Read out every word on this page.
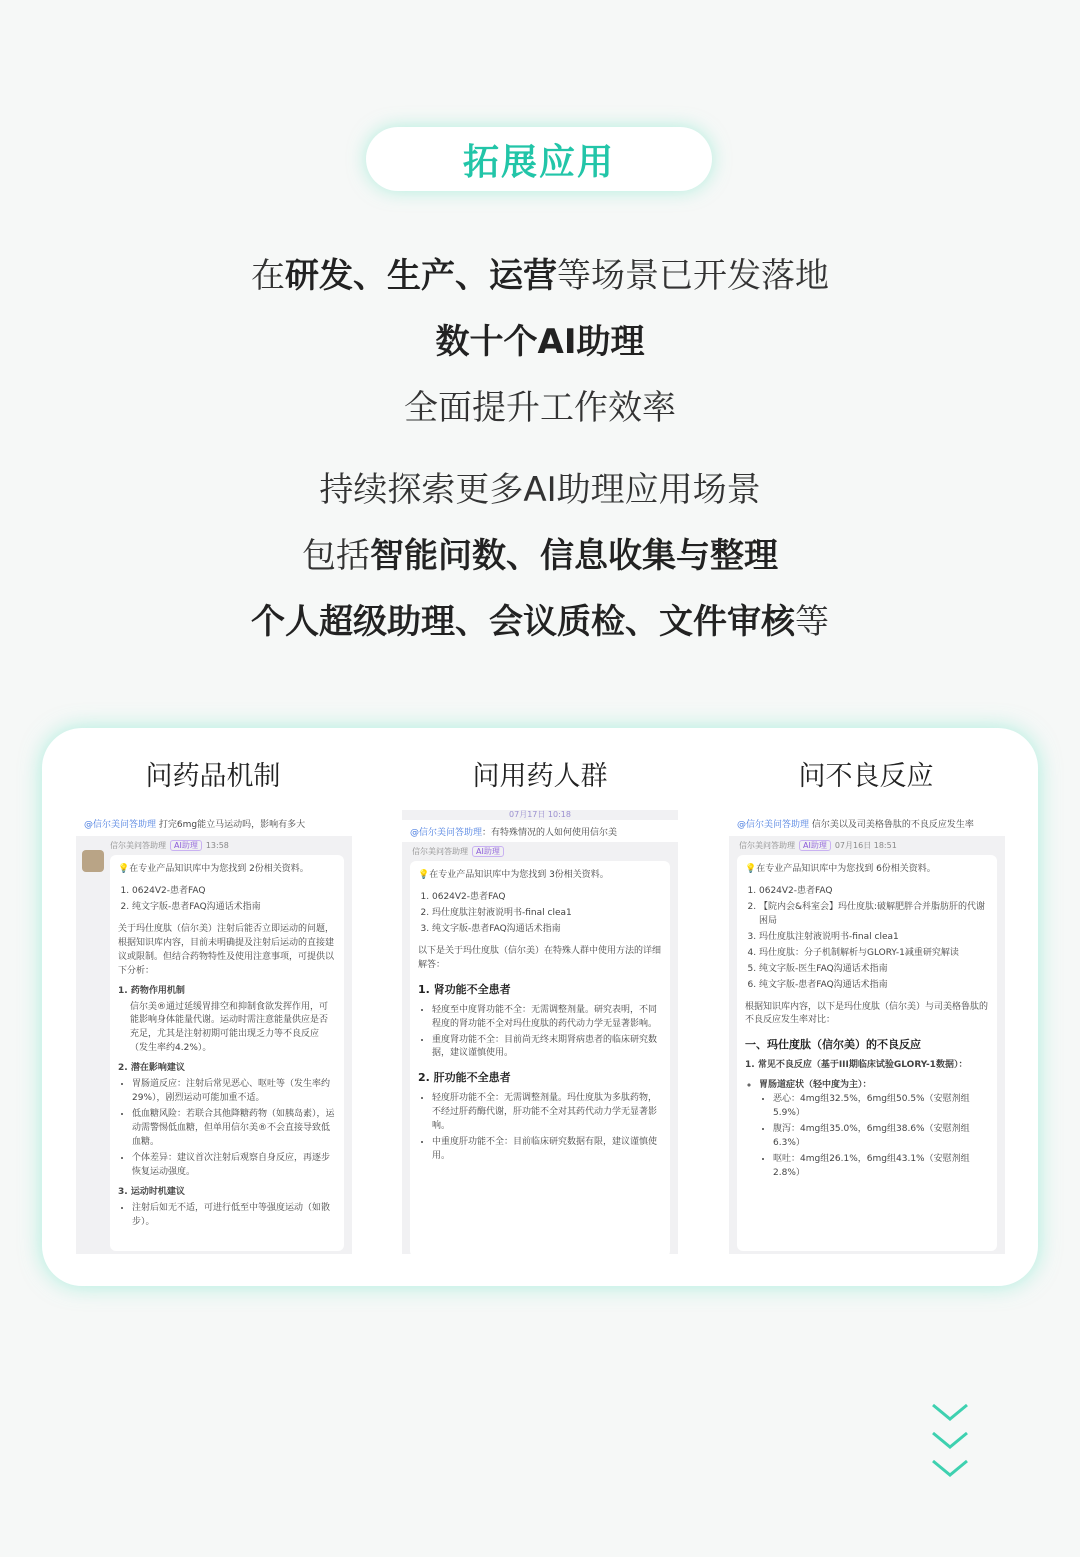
拓展应用
在研发、生产、运营等场景已开发落地
数十个AI助理
全面提升工作效率
持续探索更多AI助理应用场景
包括智能问数、信息收集与整理
个人超级助理、会议质检、文件审核等
问药品机制	问用药人群	问不良反应
@信尔美问答助理
打完6mg能立马运动吗，影响有多大
信尔美问答助理 AI助理 13:58

💡在专业产品知识库中为您找到 2份相关资料。

1. 0624V2-患者FAQ
2. 纯文字版-患者FAQ沟通话术指南

关于玛仕度肽（信尔美）注射后能否立即运动的问题，根据知识库内容，目前未明确提及注射后运动的直接建议或限制。但结合药物特性及使用注意事项，可提供以下分析：

1. 药物作用机制

信尔美®通过延缓胃排空和抑制食欲发挥作用，可能影响身体能量代谢。运动时需注意能量供应是否充足，尤其是注射初期可能出现乏力等不良反应（发生率约4.2%）。

2. 潜在影响建议

• 胃肠道反应：注射后常见恶心、呕吐等（发生率约29%），剧烈运动可能加重不适。
• 低血糖风险：若联合其他降糖药物（如胰岛素），运动需警惕低血糖，但单用信尔美®不会直接导致低血糖。
• 个体差异：建议首次注射后观察自身反应，再逐步恢复运动强度。

3. 运动时机建议

• 注射后如无不适，可进行低至中等强度运动（如散步）。
07月17日 10:18
@信尔美问答助理 ：有特殊情况的人如何使用信尔美
信尔美问答助理 AI助理

💡在专业产品知识库中为您找到 3份相关资料。

1. 0624V2-患者FAQ
2. 玛仕度肽注射液说明书-final clea1
3. 纯文字版-患者FAQ沟通话术指南

以下是关于玛仕度肽（信尔美）在特殊人群中使用方法的详细解答：

1. 肾功能不全患者

• 轻度至中度肾功能不全：无需调整剂量。研究表明，不同程度的肾功能不全对玛仕度肽的药代动力学无显著影响。
• 重度肾功能不全：目前尚无终末期肾病患者的临床研究数据，建议谨慎使用。

2. 肝功能不全患者

• 轻度肝功能不全：无需调整剂量。玛仕度肽为多肽药物，不经过肝药酶代谢，肝功能不全对其药代动力学无显著影响。
• 中重度肝功能不全：目前临床研究数据有限，建议谨慎使用。
@信尔美问答助理
信尔美以及司美格鲁肽的不良反应发生率
信尔美问答助理 AI助理 07月16日 18:51

💡在专业产品知识库中为您找到 6份相关资料。

1. 0624V2-患者FAQ
2. 【院内会&科室会】玛仕度肽:破解肥胖合并脂肪肝的代谢困局
3. 玛仕度肽注射液说明书-final clea1
4. 玛仕度肽：分子机制解析与GLORY-1减重研究解读
5. 纯文字版-医生FAQ沟通话术指南
6. 纯文字版-患者FAQ沟通话术指南

根据知识库内容，以下是玛仕度肽（信尔美）与司美格鲁肽的不良反应发生率对比：

一、玛仕度肽（信尔美）的不良反应

1. 常见不良反应（基于III期临床试验GLORY-1数据）：

◦ 胃肠道症状（轻中度为主）：
• 恶心：4mg组32.5%，6mg组50.5%（安慰剂组5.9%）
• 腹泻：4mg组35.0%，6mg组38.6%（安慰剂组6.3%）
• 呕吐：4mg组26.1%，6mg组43.1%（安慰剂组2.8%）
